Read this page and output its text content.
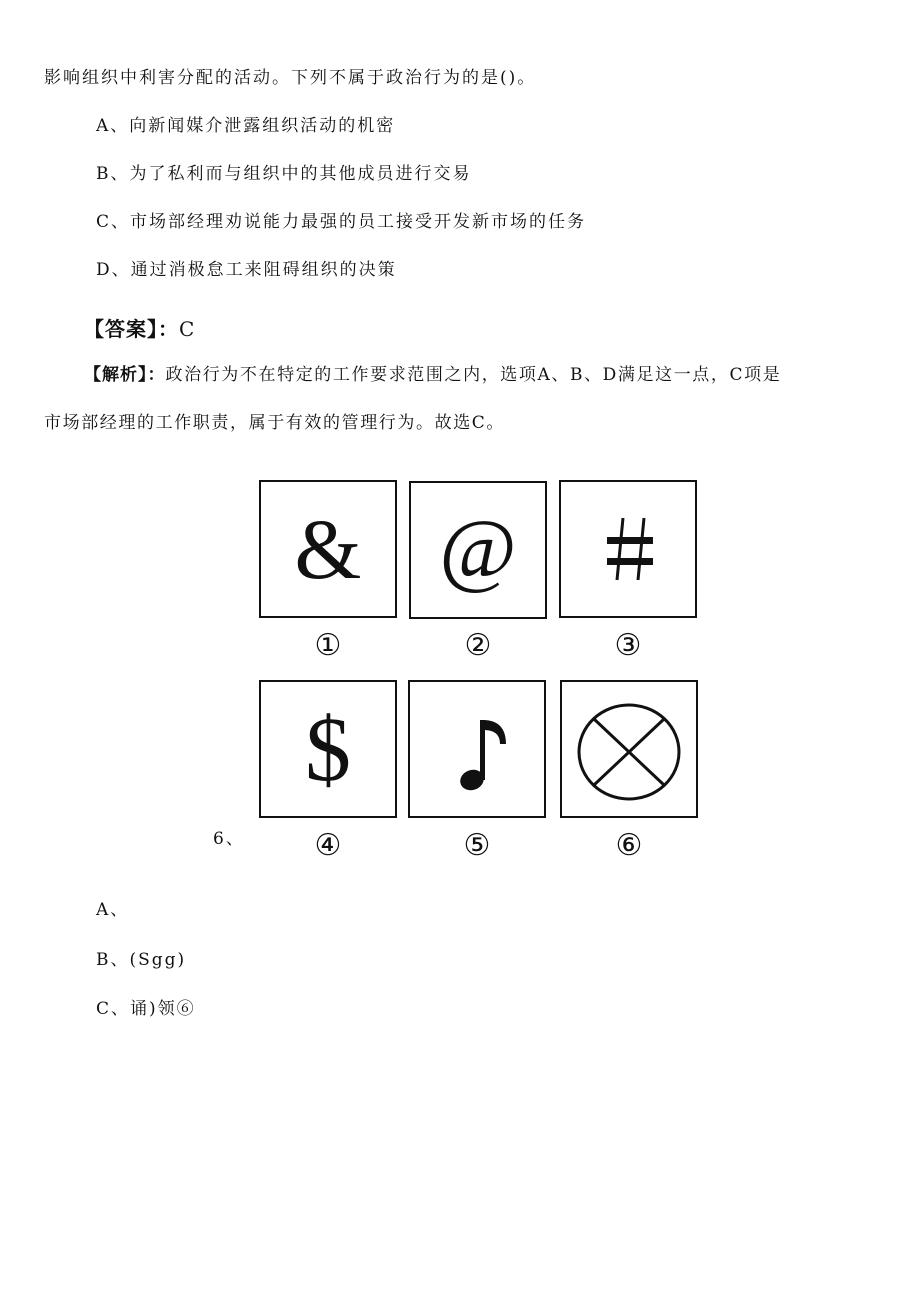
影响组织中利害分配的活动。下列不属于政治行为的是()。
A、向新闻媒介泄露组织活动的机密
B、为了私利而与组织中的其他成员进行交易
C、市场部经理劝说能力最强的员工接受开发新市场的任务
D、通过消极怠工来阻碍组织的决策
【答案】：C
【解析】：政治行为不在特定的工作要求范围之内，选项A、B、D满足这一点，C项是
市场部经理的工作职责，属于有效的管理行为。故选C。
& @
①	②	③
$
④	⑤	⑥
6、
A、
B、(Sgg)
C、诵)领⑥
